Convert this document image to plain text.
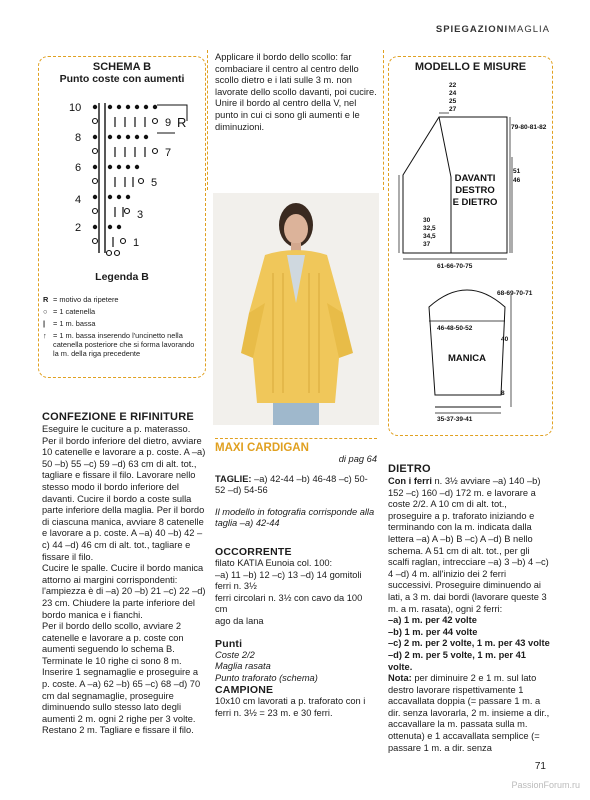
SPIEGAZIONIMAGLIA
SCHEMA B
Punto coste con aumenti
10
9
8
7
6
5
4
3
2
1
R
Legenda B
R = motivo da ripetere
○ = 1 catenella
|	= 1 m. bassa
↑ = 1 m. bassa inserendo l'uncinetto nella catenella posteriore che si forma lavorando la m. della riga precedente
CONFEZIONE E RIFINITURE

Eseguire le cuciture a p. materasso.

Per il bordo inferiore del dietro, avviare 10 catenelle e lavorare a p. coste. A –a) 50 –b) 55 –c) 59 –d) 63 cm di alt. tot., tagliare e fissare il filo. Lavorare nello stesso modo il bordo inferiore del davanti. Cucire il bordo a coste sulla parte inferiore della maglia. Per il bordo di ciascuna manica, avviare 8 catenelle e lavorare a p. coste. A –a) 40 –b) 42 –c) 44 –d) 46 cm di alt. tot., tagliare e fissare il filo.

Cucire le spalle. Cucire il bordo manica attorno ai margini corrispondenti: l'ampiezza è di –a) 20 –b) 21 –c) 22 –d) 23 cm. Chiudere la parte inferiore del bordo manica e i fianchi.

Per il bordo dello scollo, avviare 2 catenelle e lavorare a p. coste con aumenti seguendo lo schema B. Terminate le 10 righe ci sono 8 m. Inserire 1 segnamaglie e proseguire a p. coste. A –a) 62 –b) 65 –c) 68 –d) 70 cm dal segnamaglie, proseguire diminuendo sullo stesso lato degli aumenti 2 m. ogni 2 righe per 3 volte. Restano 2 m. Tagliare e fissare il filo.

Applicare il bordo dello scollo: far combaciare il centro al centro dello scollo dietro e i lati sulle 3 m. non lavorate dello scollo davanti, poi cucire. Unire il bordo al centro della V, nel punto in cui ci sono gli aumenti e le diminuzioni.
MAXI CARDIGAN
di pag 64
TAGLIE: –a) 42-44 –b) 46-48 –c) 50-52 –d) 54-56
Il modello in fotografia corrisponde alla taglia –a) 42-44
OCCORRENTE

filato KATIA Eunoia col. 100:

–a) 11 –b) 12 –c) 13 –d) 14 gomitoli

ferri n. 3½

ferri circolari n. 3½ con cavo da 100 cm

ago da lana

Punti

Coste 2/2

Maglia rasata

Punto traforato (schema)

CAMPIONE
10x10 cm lavorati a p. traforato con i ferri n. 3½ = 23 m. e 30 ferri.
MODELLO E MISURE
22
24
25
27
79-80-81-82
51
46
30
32,5
34,5
37
61-66-70-75
68-69-70-71
46-48-50-52
40
8
35-37-39-41
DAVANTI
DESTRO
E DIETRO
MANICA
DIETRO

Con i ferri n. 3½ avviare –a) 140 –b) 152 –c) 160 –d) 172 m. e lavorare a coste 2/2. A 10 cm di alt. tot., proseguire a p. traforato iniziando e terminando con la m. indicata dalla lettera –a) A –b) B –c) A –d) B nello schema. A 51 cm di alt. tot., per gli scalfi raglan, intrecciare –a) 3 –b) 4 –c) 4 –d) 4 m. all'inizio dei 2 ferri successivi. Proseguire diminuendo ai lati, a 3 m. dai bordi (lavorare queste 3 m. a m. rasata), ogni 2 ferri:

–a) 1 m. per 42 volte

–b) 1 m. per 44 volte

–c) 2 m. per 2 volte, 1 m. per 43 volte

–d) 2 m. per 5 volte, 1 m. per 41 volte.

Nota: per diminuire 2 e 1 m. sul lato destro lavorare rispettivamente 1 accavallata doppia (= passare 1 m. a dir. senza lavorarla, 2 m. insieme a dir., accavallare la m. passata sulla m. ottenuta) e 1 accavallata semplice (= passare 1 m. a dir. senza

71
PassionForum.ru
